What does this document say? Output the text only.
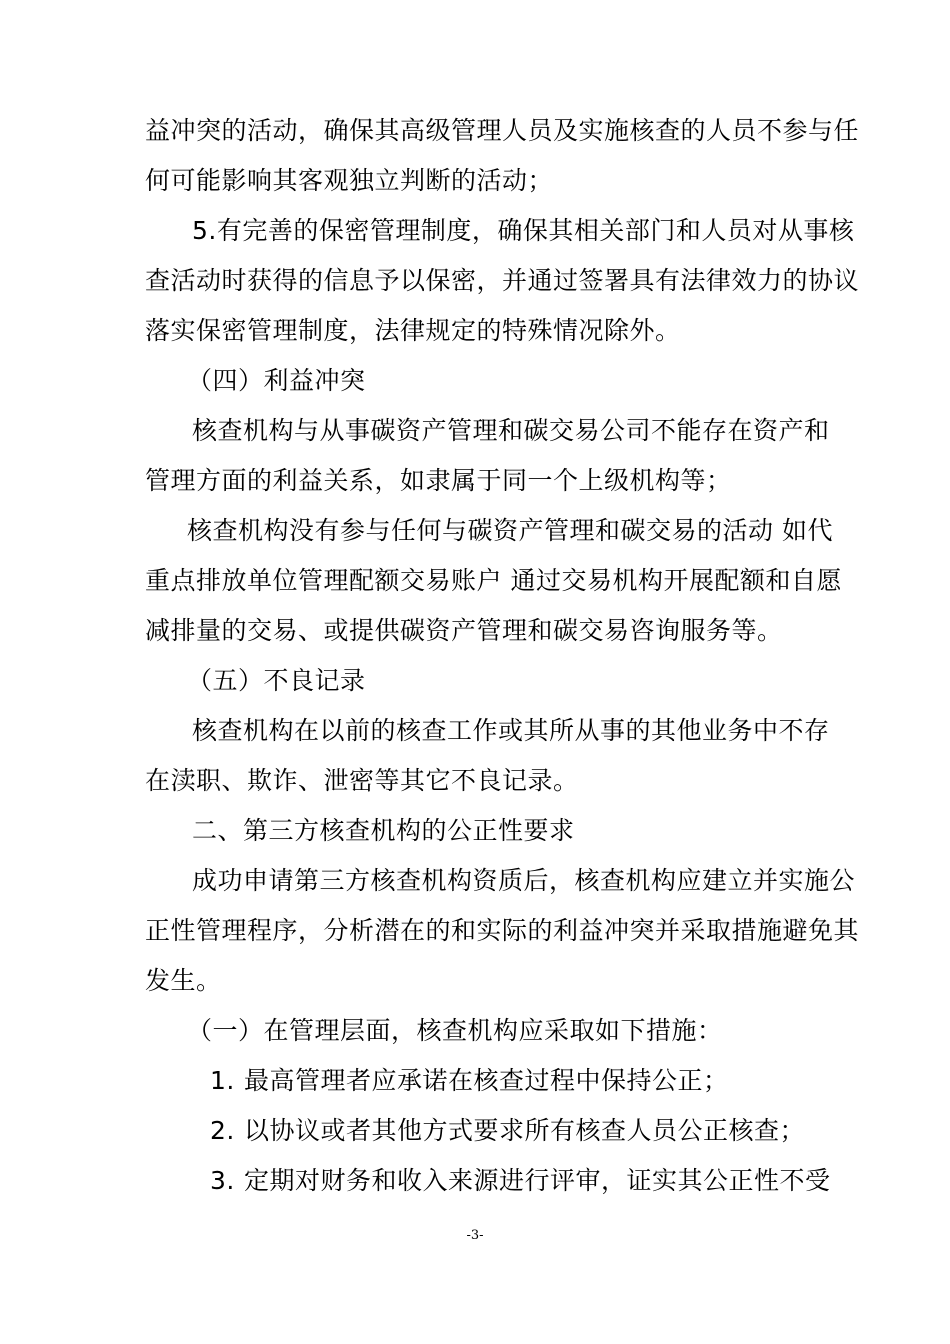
益冲突的活动，确保其高级管理人员及实施核查的人员不参与任
何可能影响其客观独立判断的活动；
5.有完善的保密管理制度，确保其相关部门和人员对从事核
查活动时获得的信息予以保密，并通过签署具有法律效力的协议
落实保密管理制度，法律规定的特殊情况除外。
（四）利益冲突
核查机构与从事碳资产管理和碳交易公司不能存在资产和
管理方面的利益关系，如隶属于同一个上级机构等；
核查机构没有参与任何与碳资产管理和碳交易的活动 如代
重点排放单位管理配额交易账户 通过交易机构开展配额和自愿
减排量的交易、或提供碳资产管理和碳交易咨询服务等。
（五）不良记录
核查机构在以前的核查工作或其所从事的其他业务中不存
在渎职、欺诈、泄密等其它不良记录。
二、第三方核查机构的公正性要求
成功申请第三方核查机构资质后，核查机构应建立并实施公
正性管理程序，分析潜在的和实际的利益冲突并采取措施避免其
发生。
（一）在管理层面，核查机构应采取如下措施：
1. 最高管理者应承诺在核查过程中保持公正；
2. 以协议或者其他方式要求所有核查人员公正核查；
3. 定期对财务和收入来源进行评审，证实其公正性不受
-3-
